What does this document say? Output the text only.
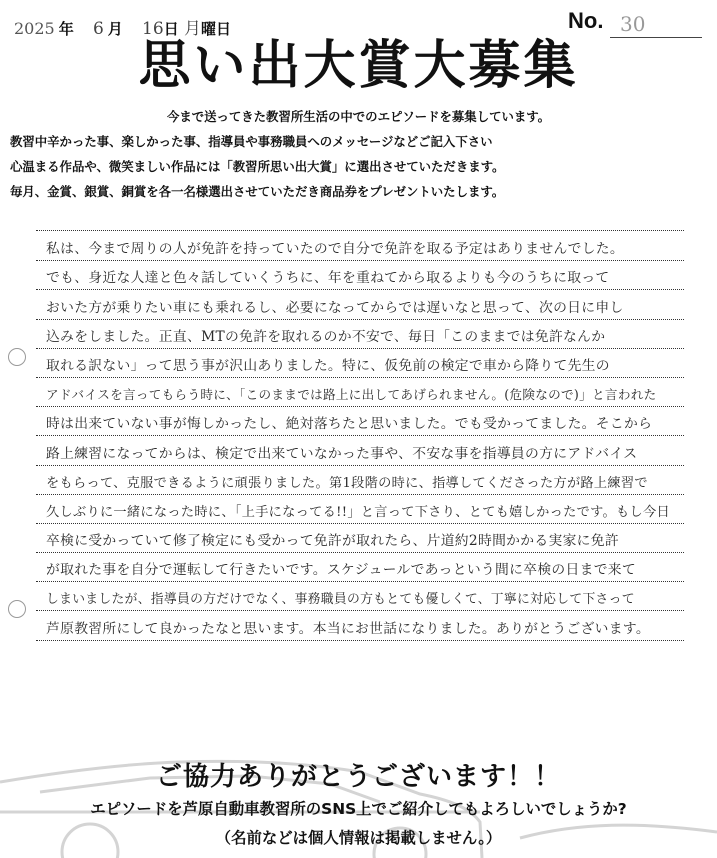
2025 年 6 月 16日 月曜日	No. 30
思い出大賞大募集
今まで送ってきた教習所生活の中でのエピソードを募集しています。
教習中辛かった事、楽しかった事、指導員や事務職員へのメッセージなどご記入下さい
心温まる作品や、微笑ましい作品には「教習所思い出大賞」に選出させていただきます。
毎月、金賞、銀賞、銅賞を各一名様選出させていただき商品券をプレゼントいたします。
私は、今まで周りの人が免許を持っていたので自分で免許を取る予定はありませんでした。
でも、身近な人達と色々話していくうちに、年を重ねてから取るよりも今のうちに取って
おいた方が乗りたい車にも乗れるし、必要になってからでは遅いなと思って、次の日に申し
込みをしました。正直、MTの免許を取れるのか不安で、毎日「このままでは免許なんか
取れる訳ない」って思う事が沢山ありました。特に、仮免前の検定で車から降りて先生の
アドバイスを言ってもらう時に、「このままでは路上に出してあげられません。(危険なので)」と言われた
時は出来ていない事が悔しかったし、絶対落ちたと思いました。でも受かってました。そこから
路上練習になってからは、検定で出来ていなかった事や、不安な事を指導員の方にアドバイス
をもらって、克服できるように頑張りました。第1段階の時に、指導してくださった方が路上練習で
久しぶりに一緒になった時に、「上手になってる!!」と言って下さり、とても嬉しかったです。もし今日
卒検に受かっていて修了検定にも受かって免許が取れたら、片道約2時間かかる実家に免許
が取れた事を自分で運転して行きたいです。スケジュールであっという間に卒検の日まで来て
しまいましたが、指導員の方だけでなく、事務職員の方もとても優しくて、丁寧に対応して下さって
芦原教習所にして良かったなと思います。本当にお世話になりました。ありがとうございます。
ご協力ありがとうございます！！
エピソードを芦原自動車教習所のSNS上でご紹介してもよろしいでしょうか?
（名前などは個人情報は掲載しません。）
